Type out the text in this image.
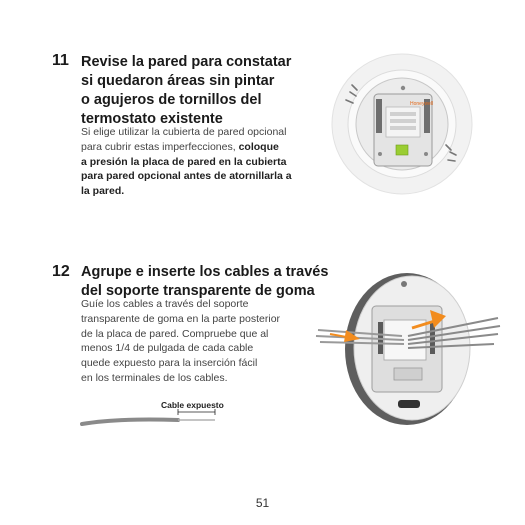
11 Revise la pared para constatar
si quedaron áreas sin pintar
o agujeros de tornillos del
termostato existente
Si elige utilizar la cubierta de pared opcional
para cubrir estas imperfecciones, coloque
a presión la placa de pared en la cubierta
para pared opcional antes de atornillarla a
la pared.
Honeywell
12 Agrupe e inserte los cables a través
del soporte transparente de goma
Guíe los cables a través del soporte
transparente de goma en la parte posterior
de la placa de pared. Compruebe que al
menos 1/4 de pulgada de cada cable
quede expuesto para la inserción fácil
en los terminales de los cables.
Cable expuesto
51
